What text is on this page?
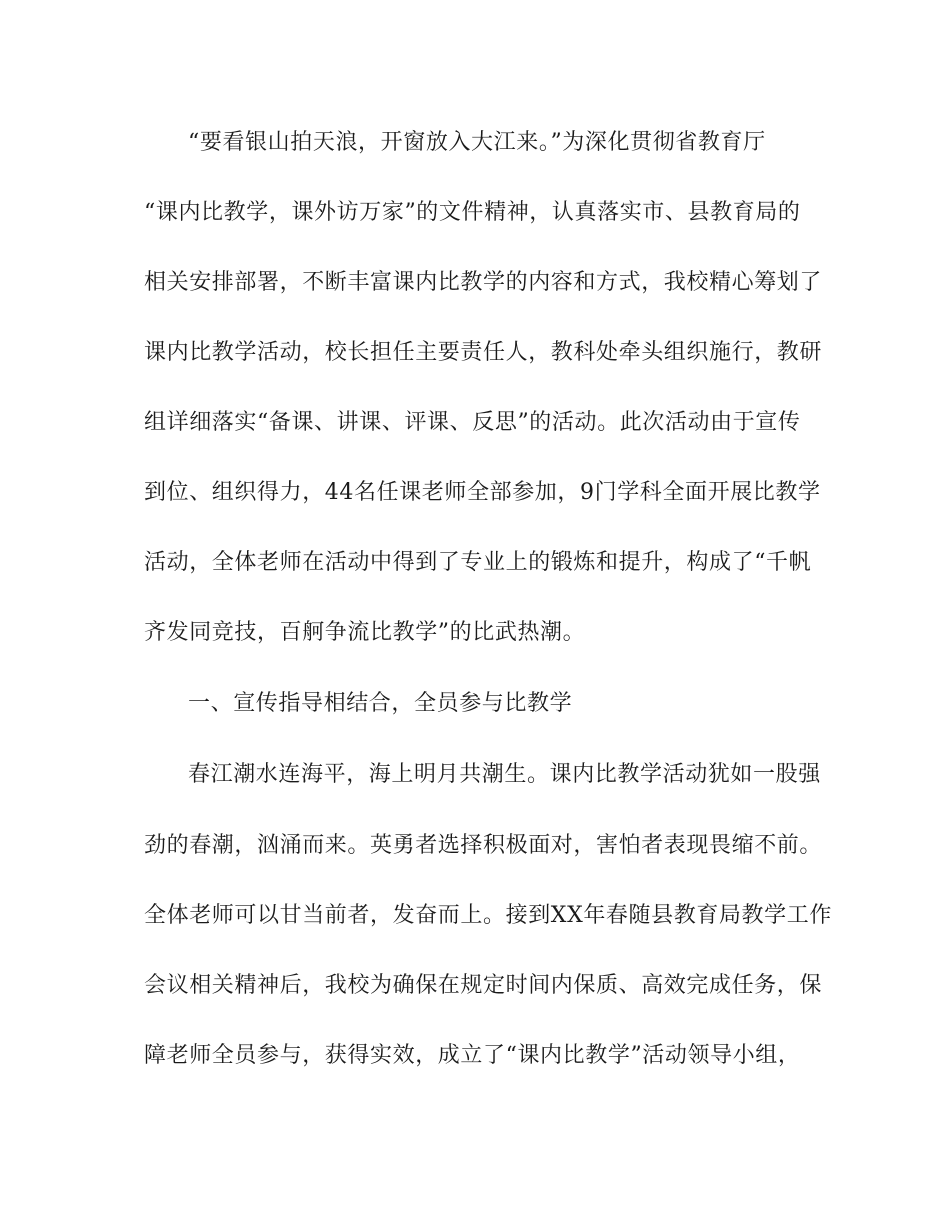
“要看银山拍天浪，开窗放入大江来。”为深化贯彻省教育厅
“课内比教学，课外访万家”的文件精神，认真落实市、县教育局的
相关安排部署，不断丰富课内比教学的内容和方式，我校精心筹划了
课内比教学活动，校长担任主要责任人，教科处牵头组织施行，教研
组详细落实“备课、讲课、评课、反思”的活动。此次活动由于宣传
到位、组织得力，44名任课老师全部参加，9门学科全面开展比教学
活动，全体老师在活动中得到了专业上的锻炼和提升，构成了“千帆
齐发同竞技，百舸争流比教学”的比武热潮。
一、宣传指导相结合，全员参与比教学
春江潮水连海平，海上明月共潮生。课内比教学活动犹如一股强
劲的春潮，汹涌而来。英勇者选择积极面对，害怕者表现畏缩不前。
全体老师可以甘当前者，发奋而上。接到XX年春随县教育局教学工作
会议相关精神后，我校为确保在规定时间内保质、高效完成任务，保
障老师全员参与，获得实效，成立了“课内比教学”活动领导小组，
